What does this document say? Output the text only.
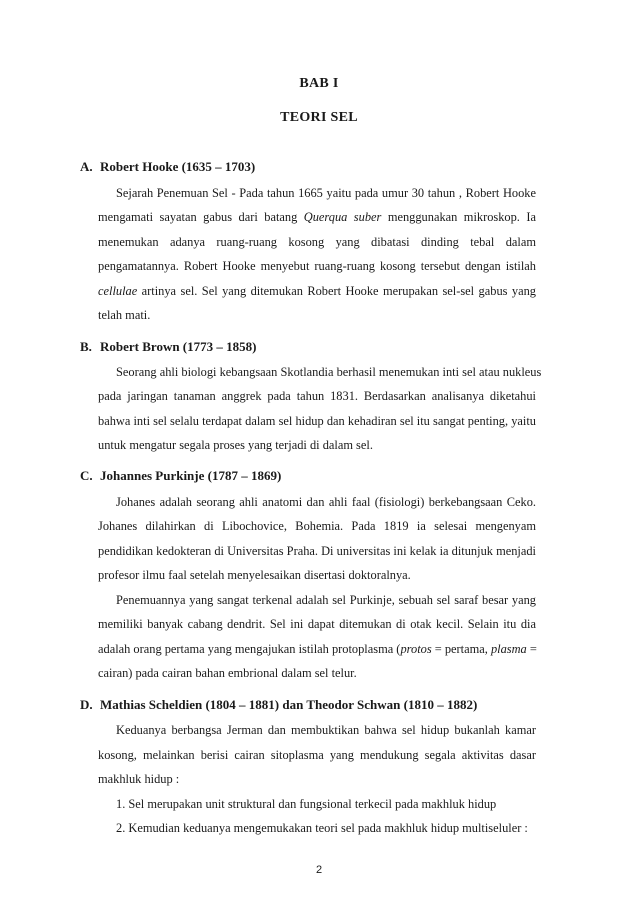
BAB I
TEORI SEL
A. Robert Hooke (1635 – 1703)
Sejarah Penemuan Sel - Pada tahun 1665 yaitu pada umur 30 tahun , Robert Hooke
mengamati sayatan gabus dari batang Querqua suber menggunakan mikroskop. Ia
menemukan adanya ruang-ruang kosong yang dibatasi dinding tebal dalam
pengamatannya. Robert Hooke menyebut ruang-ruang kosong tersebut dengan istilah
cellulae artinya sel. Sel yang ditemukan Robert Hooke merupakan sel-sel gabus yang
telah mati.
B. Robert Brown (1773 – 1858)
Seorang ahli biologi kebangsaan Skotlandia berhasil menemukan inti sel atau nukleus
pada jaringan tanaman anggrek pada tahun 1831. Berdasarkan analisanya diketahui
bahwa inti sel selalu terdapat dalam sel hidup dan kehadiran sel itu sangat penting, yaitu
untuk mengatur segala proses yang terjadi di dalam sel.
C. Johannes Purkinje (1787 – 1869)
Johanes adalah seorang ahli anatomi dan ahli faal (fisiologi) berkebangsaan Ceko.
Johanes dilahirkan di Libochovice, Bohemia. Pada 1819 ia selesai mengenyam
pendidikan kedokteran di Universitas Praha. Di universitas ini kelak ia ditunjuk menjadi
profesor ilmu faal setelah menyelesaikan disertasi doktoralnya.
Penemuannya yang sangat terkenal adalah sel Purkinje, sebuah sel saraf besar yang
memiliki banyak cabang dendrit. Sel ini dapat ditemukan di otak kecil. Selain itu dia
adalah orang pertama yang mengajukan istilah protoplasma (protos = pertama, plasma =
cairan) pada cairan bahan embrional dalam sel telur.
D. Mathias Scheldien (1804 – 1881) dan Theodor Schwan (1810 – 1882)
Keduanya berbangsa Jerman dan membuktikan bahwa sel hidup bukanlah kamar
kosong, melainkan berisi cairan sitoplasma yang mendukung segala aktivitas dasar
makhluk hidup :
1. Sel merupakan unit struktural dan fungsional terkecil pada makhluk hidup
2. Kemudian keduanya mengemukakan teori sel pada makhluk hidup multiseluler :
2
